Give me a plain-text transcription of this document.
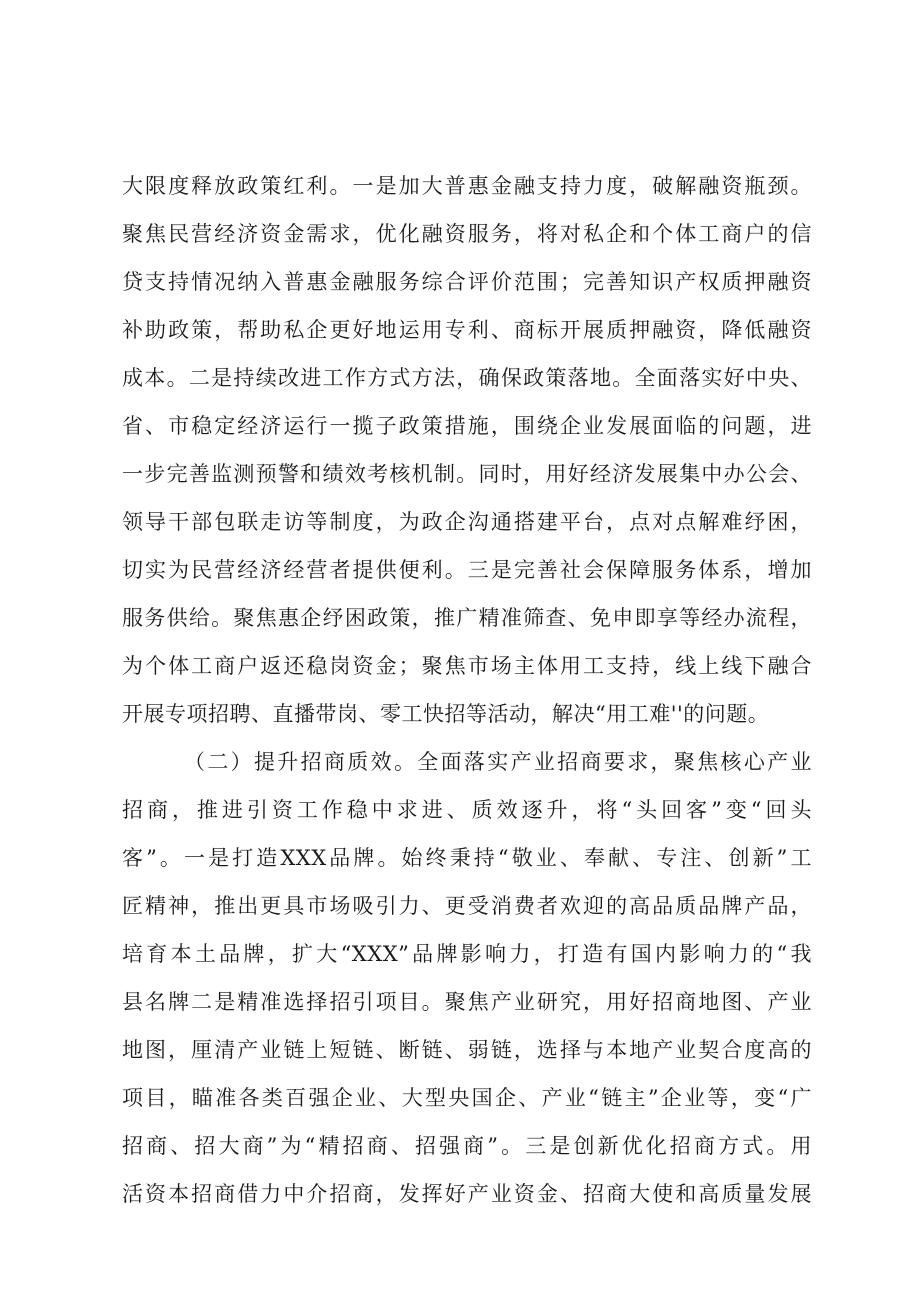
大限度释放政策红利。一是加大普惠金融支持力度，破解融资瓶颈。
聚焦民营经济资金需求，优化融资服务，将对私企和个体工商户的信
贷支持情况纳入普惠金融服务综合评价范围；完善知识产权质押融资
补助政策，帮助私企更好地运用专利、商标开展质押融资，降低融资
成本。二是持续改进工作方式方法，确保政策落地。全面落实好中央、
省、市稳定经济运行一揽子政策措施，围绕企业发展面临的问题，进
一步完善监测预警和绩效考核机制。同时，用好经济发展集中办公会、
领导干部包联走访等制度，为政企沟通搭建平台，点对点解难纾困，
切实为民营经济经营者提供便利。三是完善社会保障服务体系，增加
服务供给。聚焦惠企纾困政策，推广精准筛查、免申即享等经办流程，
为个体工商户返还稳岗资金；聚焦市场主体用工支持，线上线下融合
开展专项招聘、直播带岗、零工快招等活动，解决“用工难''的问题。
（二）提升招商质效。全面落实产业招商要求，聚焦核心产业
招商，推进引资工作稳中求进、质效逐升，将“头回客”变“回头
客”。一是打造XXX品牌。始终秉持“敬业、奉献、专注、创新”工
匠精神，推出更具市场吸引力、更受消费者欢迎的高品质品牌产品，
培育本土品牌，扩大“XXX”品牌影响力，打造有国内影响力的“我
县名牌二是精准选择招引项目。聚焦产业研究，用好招商地图、产业
地图，厘清产业链上短链、断链、弱链，选择与本地产业契合度高的
项目，瞄准各类百强企业、大型央国企、产业“链主”企业等，变“广
招商、招大商”为“精招商、招强商”。三是创新优化招商方式。用
活资本招商借力中介招商，发挥好产业资金、招商大使和高质量发展
